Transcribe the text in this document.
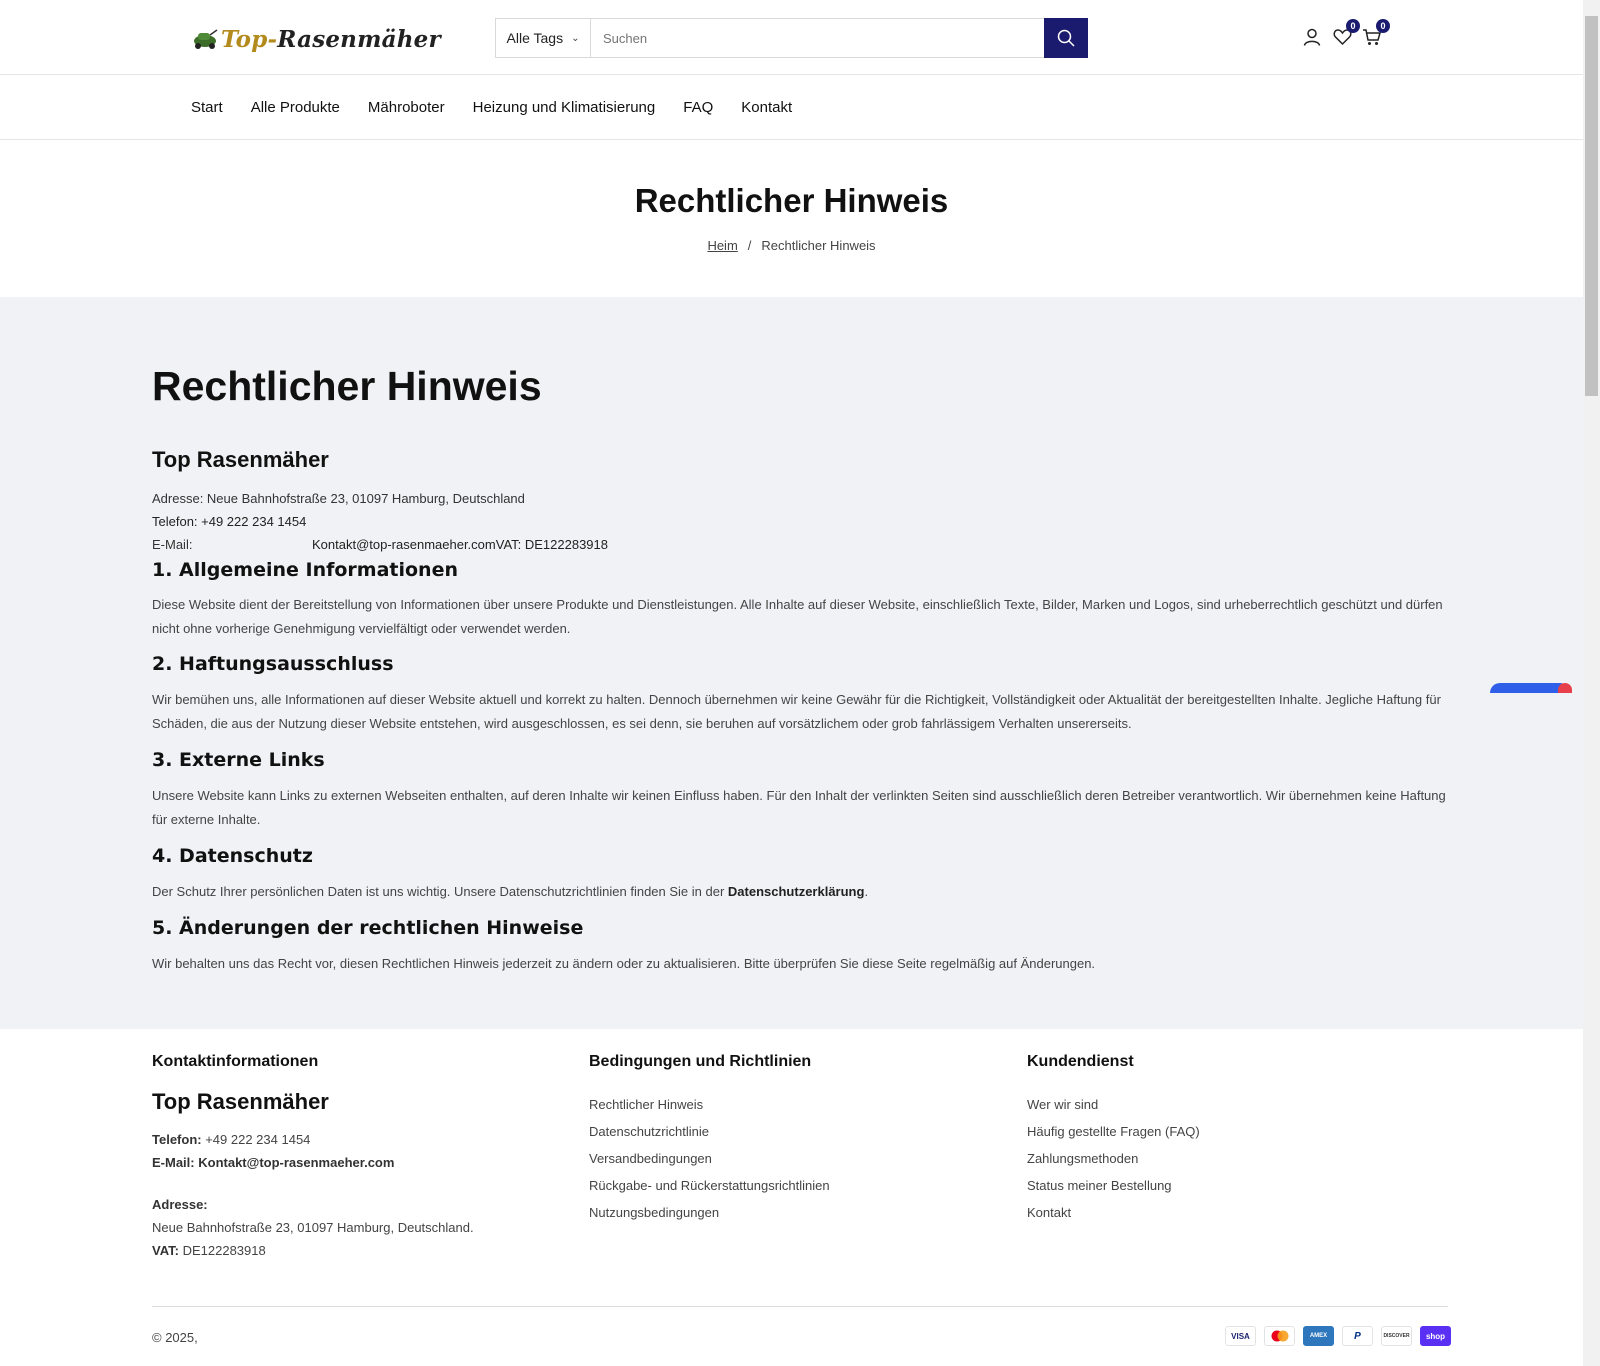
Top-Rasenmäher	Alle Tags ⌄
Suchen
0	0
Start Alle Produkte Mähroboter Heizung und Klimatisierung FAQ Kontakt
Rechtlicher Hinweis
Heim / Rechtlicher Hinweis
Rechtlicher Hinweis
Top Rasenmäher
Adresse: Neue Bahnhofstraße 23, 01097 Hamburg, Deutschland
Telefon: +49 222 234 1454
E-Mail:	Kontakt@top-rasenmaeher.comVAT: DE122283918
1. Allgemeine Informationen
Diese Website dient der Bereitstellung von Informationen über unsere Produkte und Dienstleistungen. Alle Inhalte auf dieser Website, einschließlich Texte, Bilder, Marken und Logos, sind urheberrechtlich geschützt und dürfen nicht ohne vorherige Genehmigung vervielfältigt oder verwendet werden.
2. Haftungsausschluss
Wir bemühen uns, alle Informationen auf dieser Website aktuell und korrekt zu halten. Dennoch übernehmen wir keine Gewähr für die Richtigkeit, Vollständigkeit oder Aktualität der bereitgestellten Inhalte. Jegliche Haftung für Schäden, die aus der Nutzung dieser Website entstehen, wird ausgeschlossen, es sei denn, sie beruhen auf vorsätzlichem oder grob fahrlässigem Verhalten unsererseits.
3. Externe Links
Unsere Website kann Links zu externen Webseiten enthalten, auf deren Inhalte wir keinen Einfluss haben. Für den Inhalt der verlinkten Seiten sind ausschließlich deren Betreiber verantwortlich. Wir übernehmen keine Haftung für externe Inhalte.
4. Datenschutz
Der Schutz Ihrer persönlichen Daten ist uns wichtig. Unsere Datenschutzrichtlinien finden Sie in der Datenschutzerklärung.
5. Änderungen der rechtlichen Hinweise
Wir behalten uns das Recht vor, diesen Rechtlichen Hinweis jederzeit zu ändern oder zu aktualisieren. Bitte überprüfen Sie diese Seite regelmäßig auf Änderungen.
Kontaktinformationen
Top Rasenmäher
Telefon: +49 222 234 1454
E-Mail: Kontakt@top-rasenmaeher.com
Adresse:
Neue Bahnhofstraße 23, 01097 Hamburg, Deutschland.
VAT: DE122283918
Bedingungen und Richtlinien
Rechtlicher Hinweis
Datenschutzrichtlinie
Versandbedingungen
Rückgabe- und Rückerstattungsrichtlinien
Nutzungsbedingungen
Kundendienst
Wer wir sind
Häufig gestellte Fragen (FAQ)
Zahlungsmethoden
Status meiner Bestellung
Kontakt
© 2025,	VISA	AMEX	P	DISCOVER shop
